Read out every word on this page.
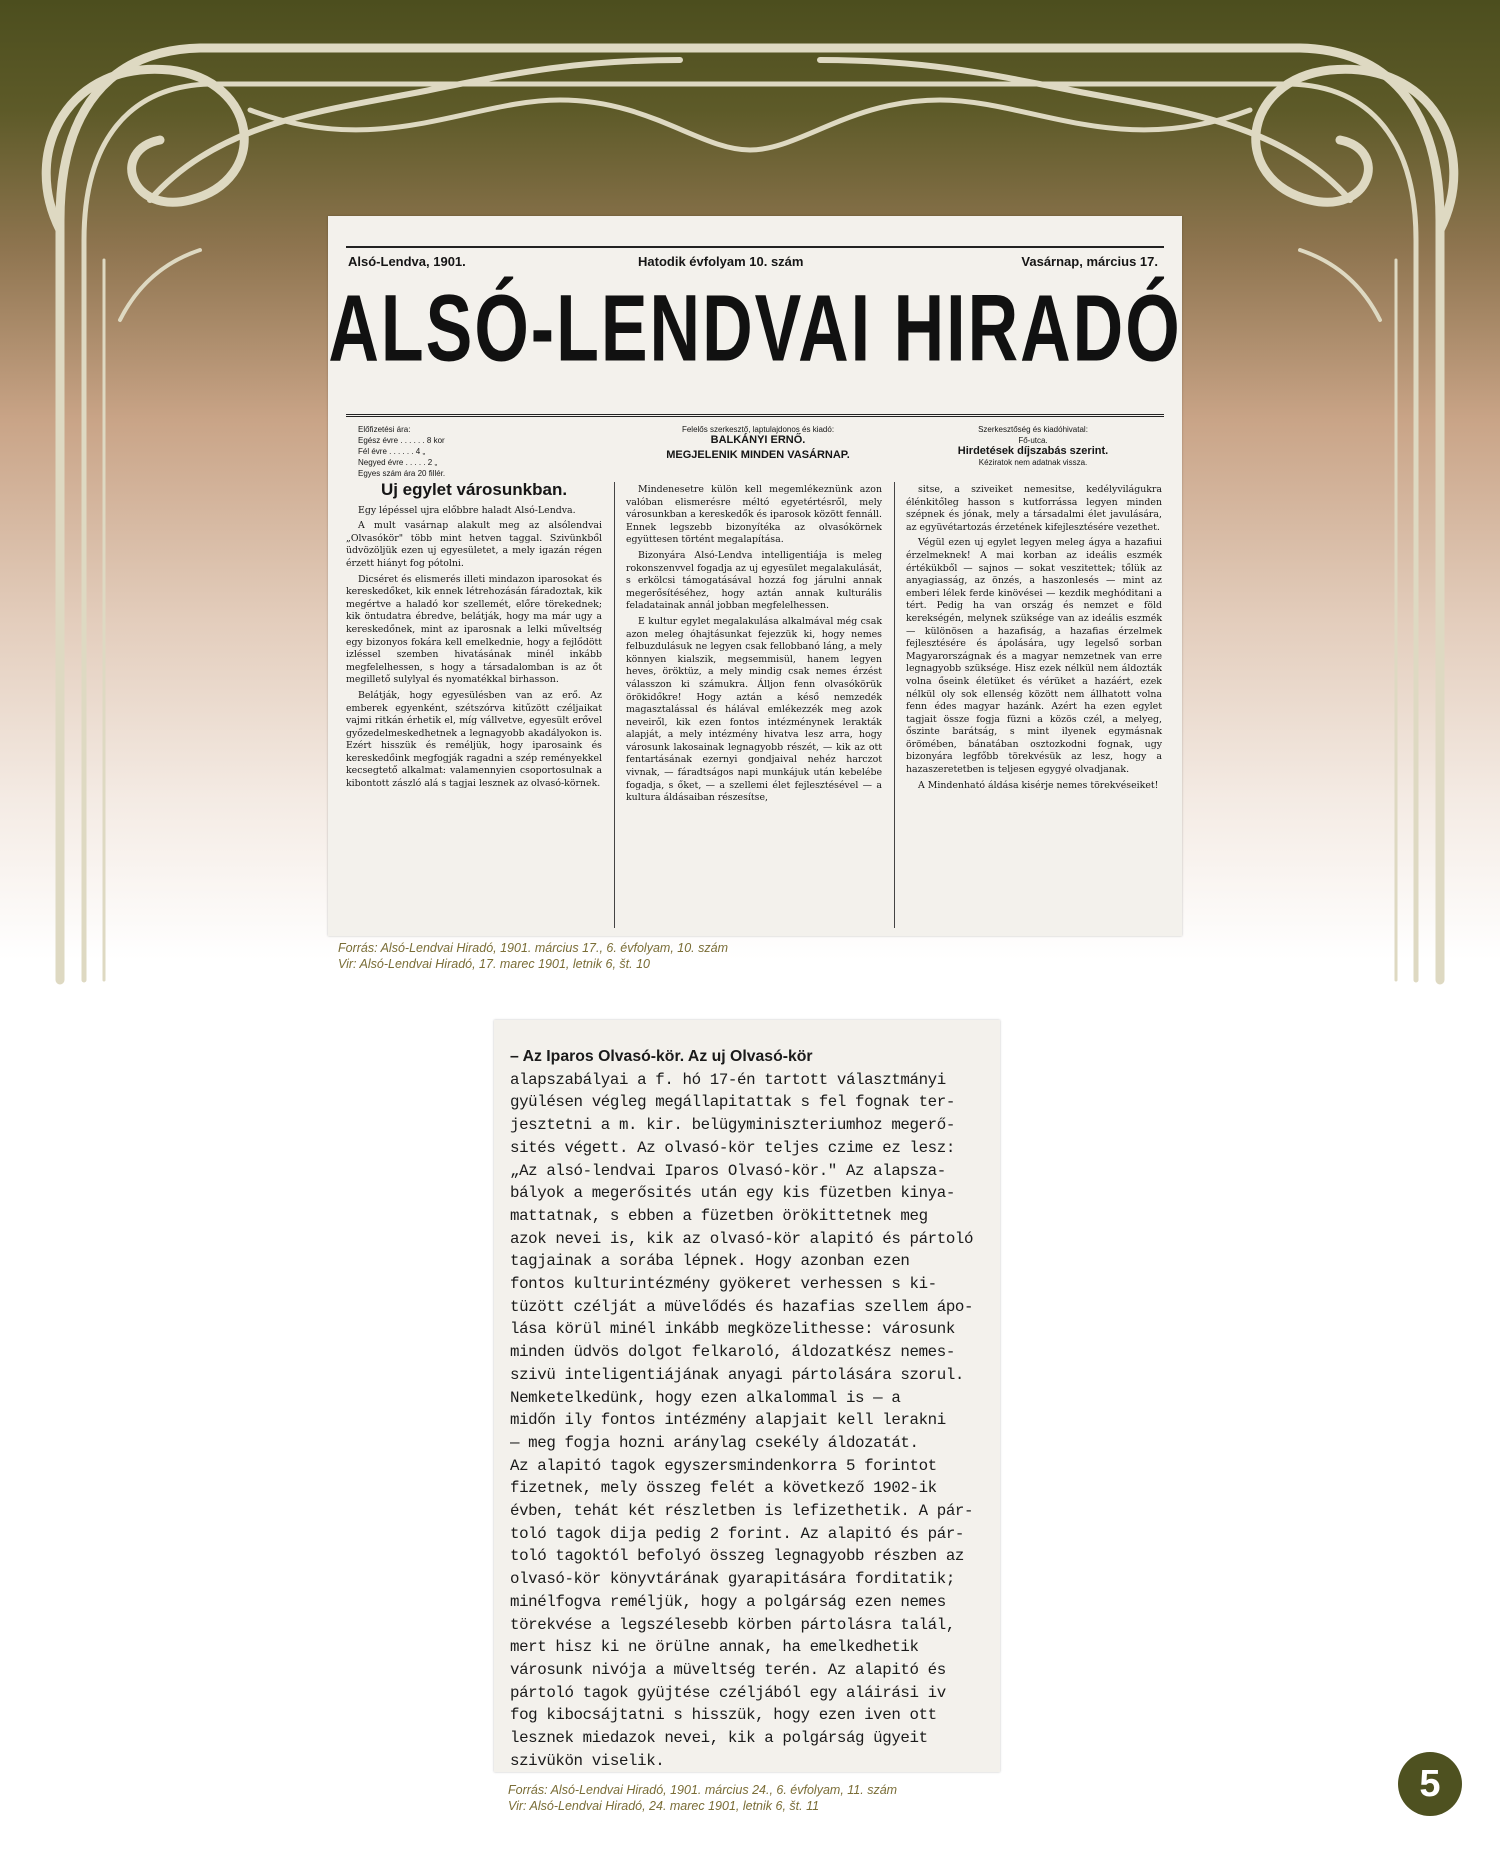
Alsó-Lendva, 1901.	Hatodik évfolyam 10. szám	Vasárnap, március 17.
ALSÓ-LENDVAI HIRADÓ
Előfizetési ára:
Egész évre . . . . . . 8 kor
Fél évre . . . . . . 4 „
Negyed évre . . . . . 2 „
Egyes szám ára 20 fillér.
Felelős szerkesztő, laptulajdonos és kiadó:
BALKÁNYI ERNŐ.
MEGJELENIK MINDEN VASÁRNAP.
Szerkesztőség és kiadóhivatal:
Fő-utca.
Hirdetések díjszabás szerint.
Kéziratok nem adatnak vissza.
Uj egylet városunkban.

Egy lépéssel ujra előbbre haladt Alsó-Lendva.

A mult vasárnap alakult meg az alsólendvai „Olvasókör" több mint hetven taggal. Szivünkből üdvözöljük ezen uj egyesületet, a mely igazán régen érzett hiányt fog pótolni.

Dicséret és elismerés illeti mindazon iparosokat és kereskedőket, kik ennek létrehozásán fáradoztak, kik megértve a haladó kor szellemét, előre törekednek; kik öntudatra ébredve, belátják, hogy ma már ugy a kereskedőnek, mint az iparosnak a lelki műveltség egy bizonyos fokára kell emelkednie, hogy a fejlődött izléssel szemben hivatásának minél inkább megfelelhessen, s hogy a társadalomban is az őt megillető sulylyal és nyomatékkal birhasson.

Belátják, hogy egyesülésben van az erő. Az emberek egyenként, szétszórva kitűzött czéljaikat vajmi ritkán érhetik el, míg vállvetve, egyesült erővel győzedelmeskedhetnek a legnagyobb akadályokon is. Ezért hisszük és reméljük, hogy iparosaink és kereskedőink megfogják ragadni a szép reményekkel kecsegtető alkalmat: valamennyien csoportosulnak a kibontott zászló alá s tagjai lesznek az olvasó-körnek.

Mindenesetre külön kell megemlékeznünk azon valóban elismerésre méltó egyetértésről, mely városunkban a kereskedők és iparosok között fennáll. Ennek legszebb bizonyítéka az olvasókörnek együttesen történt megalapítása.

Bizonyára Alsó-Lendva intelligentiája is meleg rokonszenvvel fogadja az uj egyesület megalakulását, s erkölcsi támogatásával hozzá fog járulni annak megerősítéséhez, hogy aztán annak kulturális feladatainak annál jobban megfelelhessen.

E kultur egylet megalakulása alkalmával még csak azon meleg óhajtásunkat fejezzük ki, hogy nemes felbuzdulásuk ne legyen csak fellobbanó láng, a mely könnyen kialszik, megsemmisül, hanem legyen heves, öröktüz, a mely mindig csak nemes érzést válasszon ki számukra. Álljon fenn olvasókörük örökidőkre! Hogy aztán a késő nemzedék magasztalással és hálával emlékezzék meg azok neveiről, kik ezen fontos intézménynek lerakták alapját, a mely intézmény hivatva lesz arra, hogy városunk lakosainak legnagyobb részét, — kik az ott fentartásának ezernyi gondjaival nehéz harczot vivnak, — fáradtságos napi munkájuk után kebelébe fogadja, s őket, — a szellemi élet fejlesztésével — a kultura áldásaiban részesítse,

sitse, a sziveiket nemesitse, kedélyvilágukra élénkitőleg hasson s kutforrássa legyen minden szépnek és jónak, mely a társadalmi élet javulására, az együvétartozás érzetének kifejlesztésére vezethet.

Végül ezen uj egylet legyen meleg ágya a hazafiui érzelmeknek! A mai korban az ideális eszmék értékükből — sajnos — sokat veszitettek; tőlük az anyagiasság, az önzés, a haszonlesés — mint az emberi lélek ferde kinövései — kezdik meghóditani a tért. Pedig ha van ország és nemzet e föld kerekségén, melynek szüksége van az ideális eszmék — különösen a hazafiság, a hazafias érzelmek fejlesztésére és ápolására, ugy legelső sorban Magyarországnak és a magyar nemzetnek van erre legnagyobb szüksége. Hisz ezek nélkül nem áldozták volna őseink életüket és vérüket a hazáért, ezek nélkül oly sok ellenség között nem állhatott volna fenn édes magyar hazánk. Azért ha ezen egylet tagjait össze fogja füzni a közös czél, a melyeg, őszinte barátság, s mint ilyenek egymásnak örömében, bánatában osztozkodni fognak, ugy bizonyára legfőbb törekvésük az lesz, hogy a hazaszeretetben is teljesen egygyé olvadjanak.

A Mindenható áldása kisérje nemes törekvéseiket!

Forrás: Alsó-Lendvai Hiradó, 1901. március 17., 6. évfolyam, 10. szám
Vir: Alsó-Lendvai Hiradó, 17. marec 1901, letnik 6, št. 10
– Az Iparos Olvasó-kör. Az uj Olvasó-kör
alapszabályai a f. hó 17-én tartott választmányi
gyülésen végleg megállapitattak s fel fognak ter-
jesztetni a m. kir. belügyminiszteriumhoz megerő-
sités végett. Az olvasó-kör teljes czime ez lesz:
„Az alsó-lendvai Iparos Olvasó-kör." Az alapsza-
bályok a megerősités után egy kis füzetben kinya-
mattatnak, s ebben a füzetben örökittetnek meg
azok nevei is, kik az olvasó-kör alapitó és pártoló
tagjainak a sorába lépnek. Hogy azonban ezen
fontos kulturintézmény gyökeret verhessen s ki-
tüzött czélját a müvelődés és hazafias szellem ápo-
lása körül minél inkább megközelithesse: városunk
minden üdvös dolgot felkaroló, áldozatkész nemes-
szivü inteligentiájának anyagi pártolására szorul.
Nemketelkedünk, hogy ezen alkalommal is — a
midőn ily fontos intézmény alapjait kell lerakni
— meg fogja hozni aránylag csekély áldozatát.
Az alapitó tagok egyszersmindenkorra 5 forintot
fizetnek, mely összeg felét a következő 1902-ik
évben, tehát két részletben is lefizethetik. A pár-
toló tagok dija pedig 2 forint. Az alapitó és pár-
toló tagoktól befolyó összeg legnagyobb részben az
olvasó-kör könyvtárának gyarapitására forditatik;
minélfogva reméljük, hogy a polgárság ezen nemes
törekvése a legszélesebb körben pártolásra talál,
mert hisz ki ne örülne annak, ha emelkedhetik
városunk nivója a müveltség terén. Az alapitó és
pártoló tagok gyüjtése czéljából egy aláirási iv
fog kibocsájtatni s hisszük, hogy ezen iven ott
lesznek miedazok nevei, kik a polgárság ügyeit
szivükön viselik.
Forrás: Alsó-Lendvai Hiradó, 1901. március 24., 6. évfolyam, 11. szám
Vir: Alsó-Lendvai Hiradó, 24. marec 1901, letnik 6, št. 11
5
